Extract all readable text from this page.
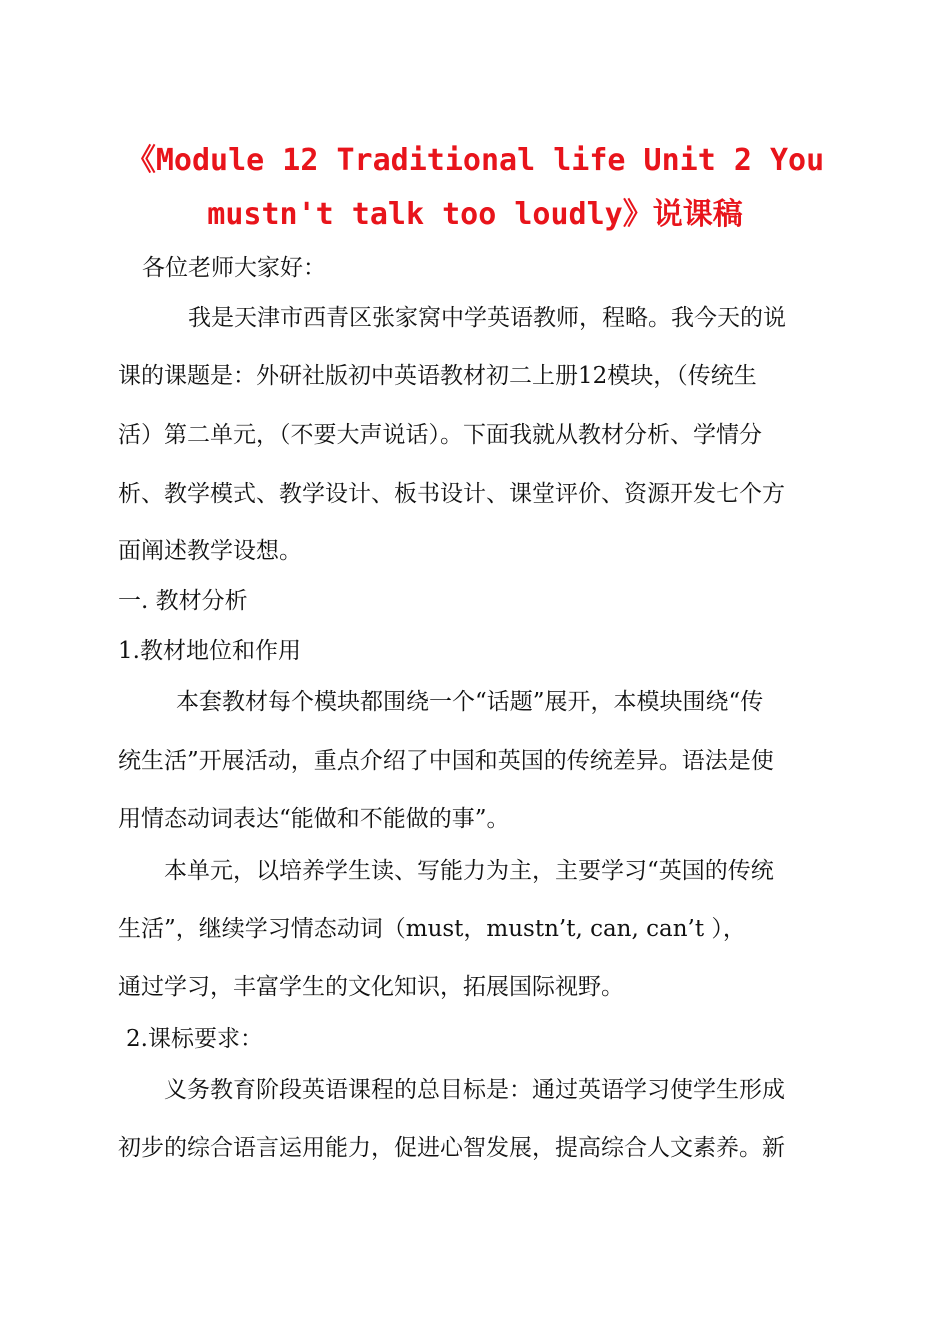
《Module 12 Traditional life Unit 2 You
mustn't talk too loudly》说课稿

各位老师大家好：

我是天津市西青区张家窝中学英语教师，程略。我今天的说

课的课题是：外研社版初中英语教材初二上册12模块，（传统生

活）第二单元，（不要大声说话）。下面我就从教材分析、学情分

析、教学模式、教学设计、板书设计、课堂评价、资源开发七个方

面阐述教学设想。

一. 教材分析

1.教材地位和作用

本套教材每个模块都围绕一个“话题”展开，本模块围绕“传

统生活”开展活动，重点介绍了中国和英国的传统差异。语法是使

用情态动词表达“能做和不能做的事”。

本单元，以培养学生读、写能力为主，主要学习“英国的传统

生活”，继续学习情态动词（must，mustn’t, can, can’t ），

通过学习，丰富学生的文化知识，拓展国际视野。

2.课标要求：

义务教育阶段英语课程的总目标是：通过英语学习使学生形成

初步的综合语言运用能力，促进心智发展，提高综合人文素养。新
